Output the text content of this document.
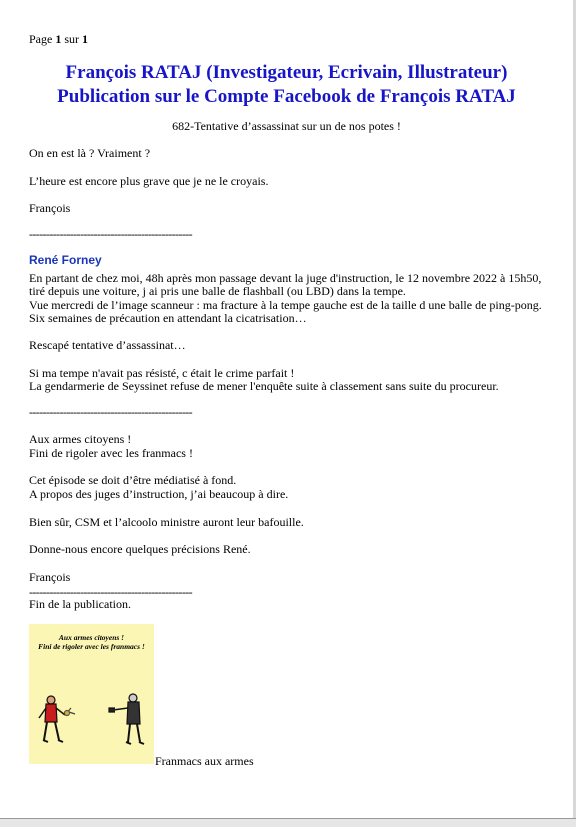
Page 1 sur 1
François RATAJ (Investigateur, Ecrivain, Illustrateur)
Publication sur le Compte Facebook de François RATAJ
682-Tentative d’assassinat sur un de nos potes !
On en est là ? Vraiment ?
L’heure est encore plus grave que je ne le croyais.
François
------------------------------------------------
René Forney
En partant de chez moi, 48h après mon passage devant la juge d'instruction, le 12 novembre 2022 à 15h50,
tiré depuis une voiture, j ai pris une balle de flashball (ou LBD) dans la tempe.
Vue mercredi de l’image scanneur : ma fracture à la tempe gauche est de la taille d une balle de ping-pong.
Six semaines de précaution en attendant la cicatrisation…
Rescapé tentative d’assassinat…
Si ma tempe n'avait pas résisté, c était le crime parfait !
La gendarmerie de Seyssinet refuse de mener l'enquête suite à classement sans suite du procureur.
------------------------------------------------
Aux armes citoyens !
Fini de rigoler avec les franmacs !
Cet épisode se doit d’être médiatisé à fond.
A propos des juges d’instruction, j’ai beaucoup à dire.
Bien sûr, CSM et l’alcoolo ministre auront leur bafouille.
Donne-nous encore quelques précisions René.
François
------------------------------------------------
Fin de la publication.
Aux armes citoyens !
Fini de rigoler avec les franmacs !
Franmacs aux armes
